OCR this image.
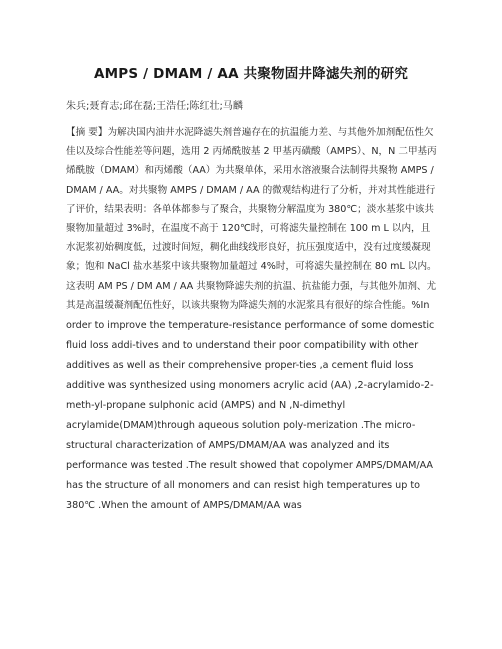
AMPS / DMAM / AA 共聚物固井降滤失剂的研究
朱兵;聂育志;邱在磊;王浩任;陈红壮;马麟
【摘 要】为解决国内油井水泥降滤失剂普遍存在的抗温能力差、与其他外加剂配伍性欠佳以及综合性能差等问题，选用 2 丙烯酰胺基 2 甲基丙磺酸（AMPS）、N，N 二甲基丙烯酰胺（DMAM）和丙烯酸（AA）为共聚单体，采用水溶液聚合法制得共聚物 AMPS / DMAM / AA。对共聚物 AMPS / DMAM / AA 的微观结构进行了分析，并对其性能进行了评价，结果表明：各单体都参与了聚合，共聚物分解温度为 380℃；淡水基浆中该共聚物加量超过 3%时，在温度不高于 120℃时，可将滤失量控制在 100 m L 以内，且水泥浆初始稠度低，过渡时间短，稠化曲线线形良好，抗压强度适中，没有过度缓凝现象；饱和 NaCl 盐水基浆中该共聚物加量超过 4%时，可将滤失量控制在 80 mL 以内。这表明 AM PS / DM AM / AA 共聚物降滤失剂的抗温、抗盐能力强，与其他外加剂、尤其是高温缓凝剂配伍性好，以该共聚物为降滤失剂的水泥浆具有很好的综合性能。%In order to improve the temperature-resistance performance of some domestic fluid loss addi-tives and to understand their poor compatibility with other additives as well as their comprehensive proper-ties ,a cement fluid loss additive was synthesized using monomers acrylic acid (AA) ,2-acrylamido-2-meth-yl-propane sulphonic acid (AMPS) and N ,N-dimethyl acrylamide(DMAM)through aqueous solution poly-merization .The micro-structural characterization of AMPS/DMAM/AA was analyzed and its performance was tested .The result showed that copolymer AMPS/DMAM/AA has the structure of all monomers and can resist high temperatures up to 380℃ .When the amount of AMPS/DMAM/AA was
